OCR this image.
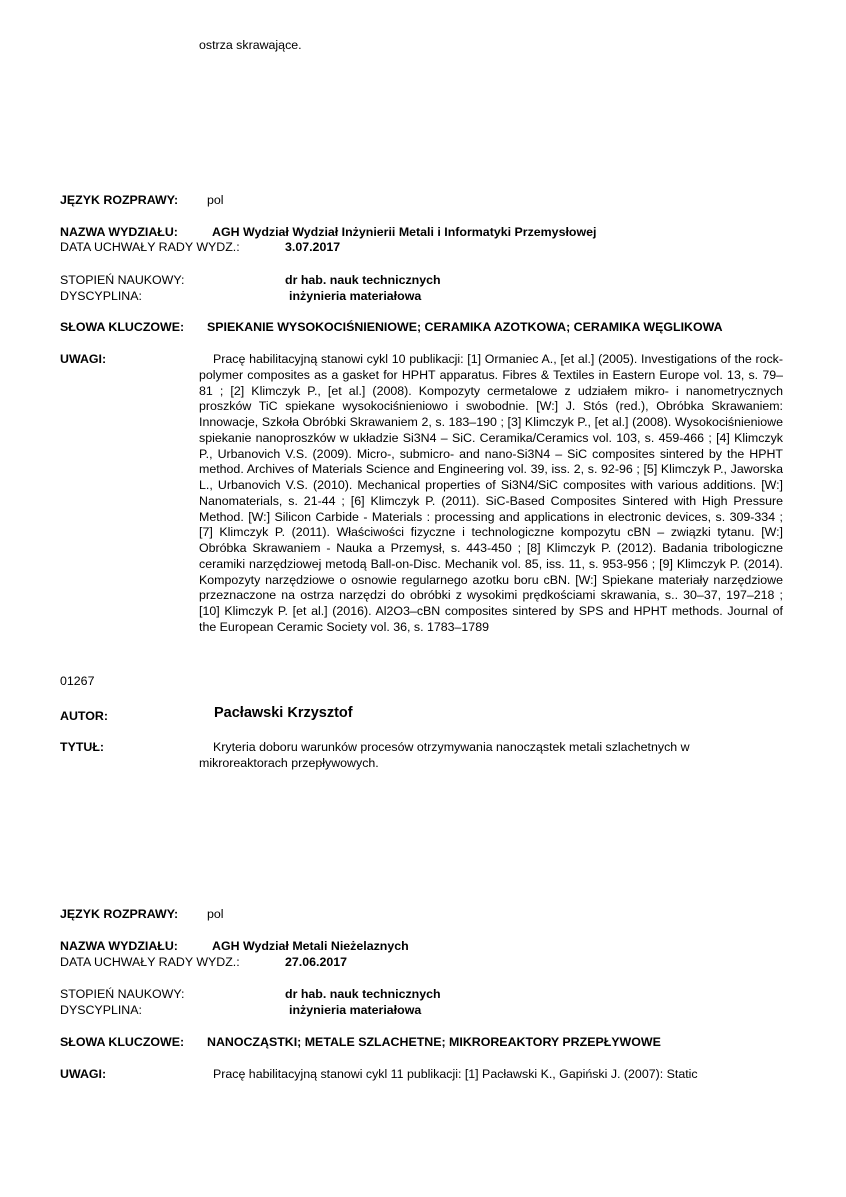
ostrza skrawające.
JĘZYK ROZPRAWY: pol
NAZWA WYDZIAŁU:	AGH Wydział Wydział Inżynierii Metali i Informatyki Przemysłowej
DATA UCHWAŁY RADY WYDZ.:	3.07.2017
STOPIEŃ NAUKOWY:	dr hab. nauk technicznych
DYSCYPLINA:	inżynieria materiałowa
SŁOWA KLUCZOWE: SPIEKANIE WYSOKOCIŚNIENIOWE; CERAMIKA AZOTKOWA; CERAMIKA WĘGLIKOWA
UWAGI:	Pracę habilitacyjną stanowi cykl 10 publikacji: [1] Ormaniec A., [et al.] (2005). Investigations of the rock-polymer composites as a gasket for HPHT apparatus. Fibres & Textiles in Eastern Europe vol. 13, s. 79–81 ; [2] Klimczyk P., [et al.] (2008). Kompozyty cermetalowe z udziałem mikro- i nanometrycznych proszków TiC spiekane wysokociśnieniowo i swobodnie. [W:] J. Stós (red.), Obróbka Skrawaniem: Innowacje, Szkoła Obróbki Skrawaniem 2, s. 183–190 ; [3] Klimczyk P., [et al.] (2008). Wysokociśnieniowe spiekanie nanoproszków w układzie Si3N4 – SiC. Ceramika/Ceramics vol. 103, s. 459-466 ; [4] Klimczyk P., Urbanovich V.S. (2009). Micro-, submicro- and nano-Si3N4 – SiC composites sintered by the HPHT method. Archives of Materials Science and Engineering vol. 39, iss. 2, s. 92-96 ; [5] Klimczyk P., Jaworska L., Urbanovich V.S. (2010). Mechanical properties of Si3N4/SiC composites with various additions. [W:] Nanomaterials, s. 21-44 ; [6] Klimczyk P. (2011). SiC-Based Composites Sintered with High Pressure Method. [W:] Silicon Carbide - Materials : processing and applications in electronic devices, s. 309-334 ; [7] Klimczyk P. (2011). Właściwości fizyczne i technologiczne kompozytu cBN – związki tytanu. [W:] Obróbka Skrawaniem - Nauka a Przemysł, s. 443-450 ; [8] Klimczyk P. (2012). Badania tribologiczne ceramiki narzędziowej metodą Ball-on-Disc. Mechanik vol. 85, iss. 11, s. 953-956 ; [9] Klimczyk P. (2014). Kompozyty narzędziowe o osnowie regularnego azotku boru cBN. [W:] Spiekane materiały narzędziowe przeznaczone na ostrza narzędzi do obróbki z wysokimi prędkościami skrawania, s.. 30–37, 197–218 ; [10] Klimczyk P. [et al.] (2016). Al2O3–cBN composites sintered by SPS and HPHT methods. Journal of the European Ceramic Society vol. 36, s. 1783–1789
01267
AUTOR:	Pacławski Krzysztof
TYTUŁ:	Kryteria doboru warunków procesów otrzymywania nanocząstek metali szlachetnych w mikroreaktorach przepływowych.
JĘZYK ROZPRAWY: pol
NAZWA WYDZIAŁU:	AGH Wydział Metali Nieżelaznych
DATA UCHWAŁY RADY WYDZ.:	27.06.2017
STOPIEŃ NAUKOWY:	dr hab. nauk technicznych
DYSCYPLINA:	inżynieria materiałowa
SŁOWA KLUCZOWE: NANOCZĄSTKI; METALE SZLACHETNE; MIKROREAKTORY PRZEPŁYWOWE
UWAGI:	Pracę habilitacyjną stanowi cykl 11 publikacji: [1] Pacławski K., Gapiński J. (2007): Static
